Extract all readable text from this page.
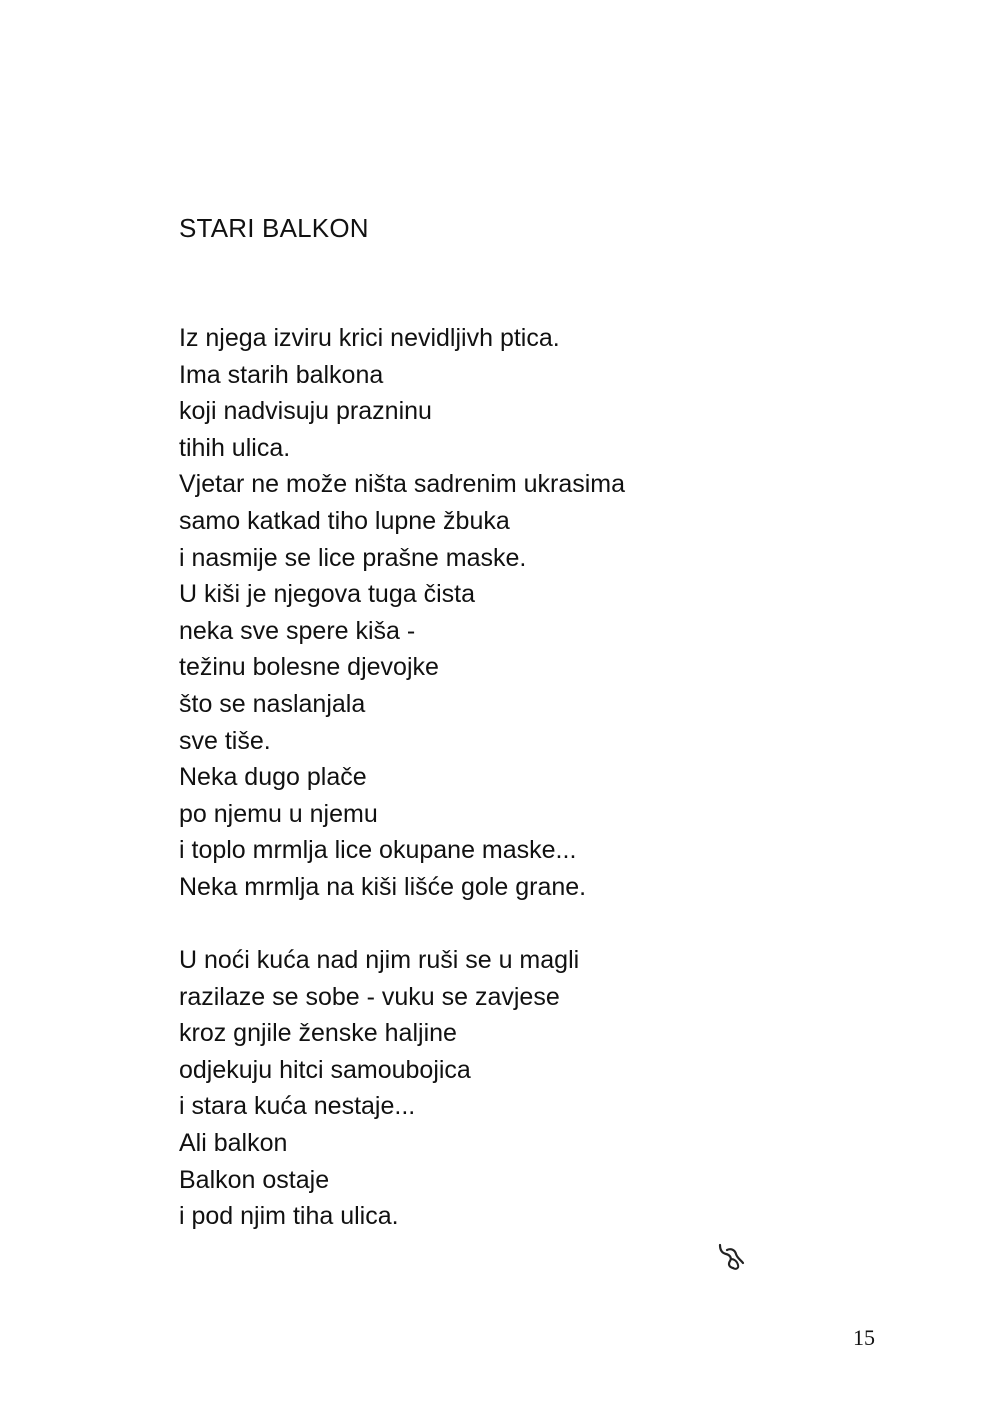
STARI BALKON
Iz njega izviru krici nevidljivh ptica.
Ima starih balkona
koji nadvisuju prazninu
tihih ulica.
Vjetar ne može ništa sadrenim ukrasima
samo katkad tiho lupne žbuka
i nasmije se lice prašne maske.
U kiši je njegova tuga čista
neka sve spere kiša -
težinu bolesne djevojke
što se naslanjala
sve tiše.
Neka dugo plače
po njemu u njemu
i toplo mrmlja lice okupane maske...
Neka mrmlja na kiši lišće gole grane.
U noći kuća nad njim ruši se u magli
razilaze se sobe - vuku se zavjese
kroz gnjile ženske haljine
odjekuju hitci samoubojica
i stara kuća nestaje...
Ali balkon
Balkon ostaje
i pod njim tiha ulica.
15
